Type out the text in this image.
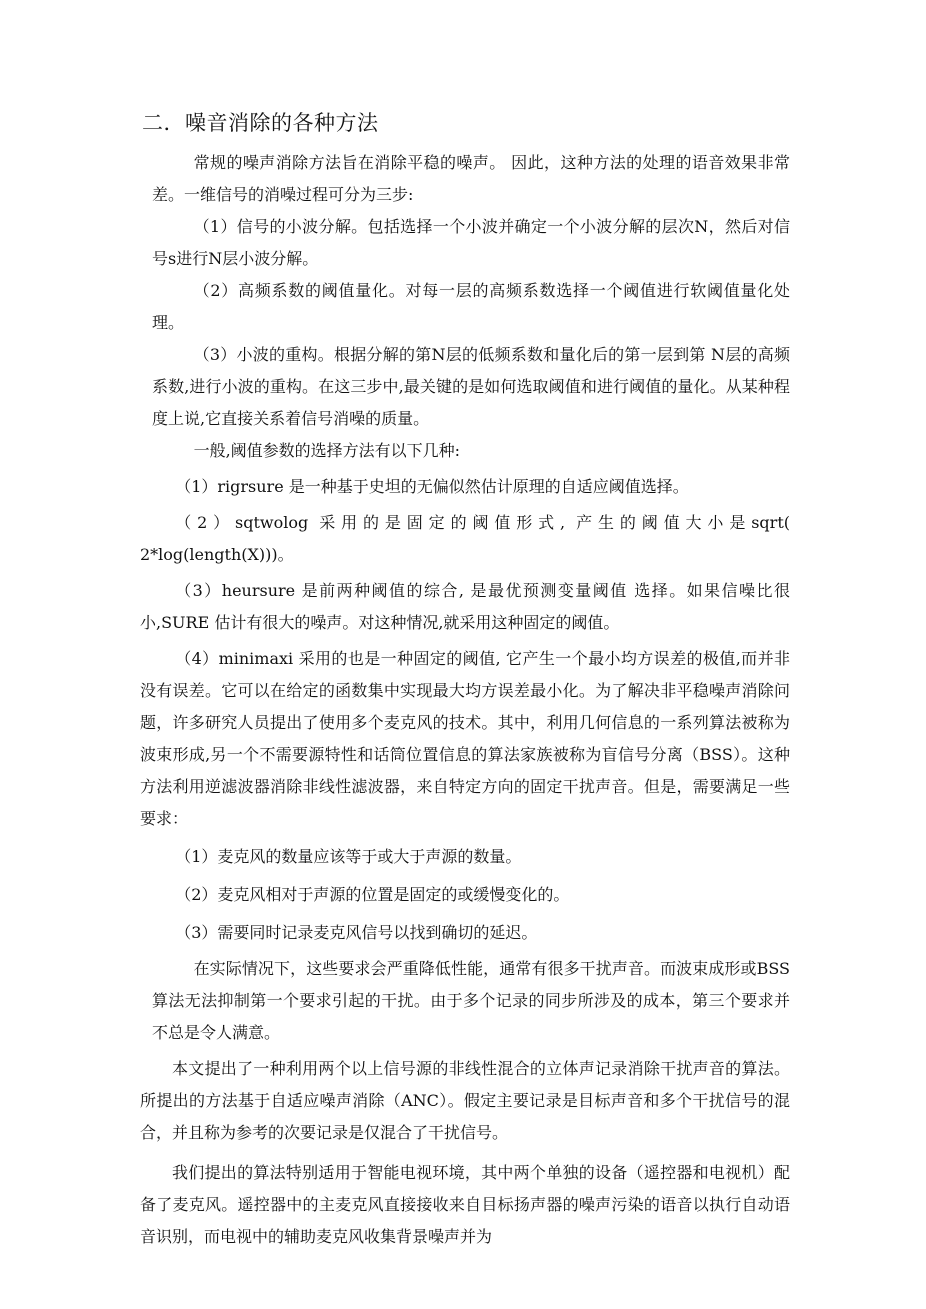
二．噪音消除的各种方法

常规的噪声消除方法旨在消除平稳的噪声。 因此，这种方法的处理的语音效果非常差。一维信号的消噪过程可分为三步:

（1）信号的小波分解。包括选择一个小波并确定一个小波分解的层次N，然后对信号s进行N层小波分解。

（2）高频系数的阈值量化。对每一层的高频系数选择一个阈值进行软阈值量化处理。

（3）小波的重构。根据分解的第N层的低频系数和量化后的第一层到第 N层的高频系数,进行小波的重构。在这三步中,最关键的是如何选取阈值和进行阈值的量化。从某种程度上说,它直接关系着信号消噪的质量。

一般,阈值参数的选择方法有以下几种:

（1）rigrsure 是一种基于史坦的无偏似然估计原理的自适应阈值选择。

（2）sqtwolog 采用的是固定的阈值形式, 产生的阈值大小是sqrt( 2*log(length(X)))。

（3）heursure 是前两种阈值的综合, 是最优预测变量阈值 选择。如果信噪比很小,SURE 估计有很大的噪声。对这种情况,就采用这种固定的阈值。

（4）minimaxi 采用的也是一种固定的阈值, 它产生一个最小均方误差的极值,而并非没有误差。它可以在给定的函数集中实现最大均方误差最小化。为了解决非平稳噪声消除问题，许多研究人员提出了使用多个麦克风的技术。其中，利用几何信息的一系列算法被称为波束形成,另一个不需要源特性和话筒位置信息的算法家族被称为盲信号分离（BSS）。这种方法利用逆滤波器消除非线性滤波器，来自特定方向的固定干扰声音。但是，需要满足一些要求：

（1）麦克风的数量应该等于或大于声源的数量。

（2）麦克风相对于声源的位置是固定的或缓慢变化的。

（3）需要同时记录麦克风信号以找到确切的延迟。

在实际情况下，这些要求会严重降低性能，通常有很多干扰声音。而波束成形或BSS算法无法抑制第一个要求引起的干扰。由于多个记录的同步所涉及的成本，第三个要求并不总是令人满意。

本文提出了一种利用两个以上信号源的非线性混合的立体声记录消除干扰声音的算法。所提出的方法基于自适应噪声消除（ANC）。假定主要记录是目标声音和多个干扰信号的混合，并且称为参考的次要记录是仅混合了干扰信号。

我们提出的算法特别适用于智能电视环境，其中两个单独的设备（遥控器和电视机）配备了麦克风。遥控器中的主麦克风直接接收来自目标扬声器的噪声污染的语音以执行自动语音识别，而电视中的辅助麦克风收集背景噪声并为
